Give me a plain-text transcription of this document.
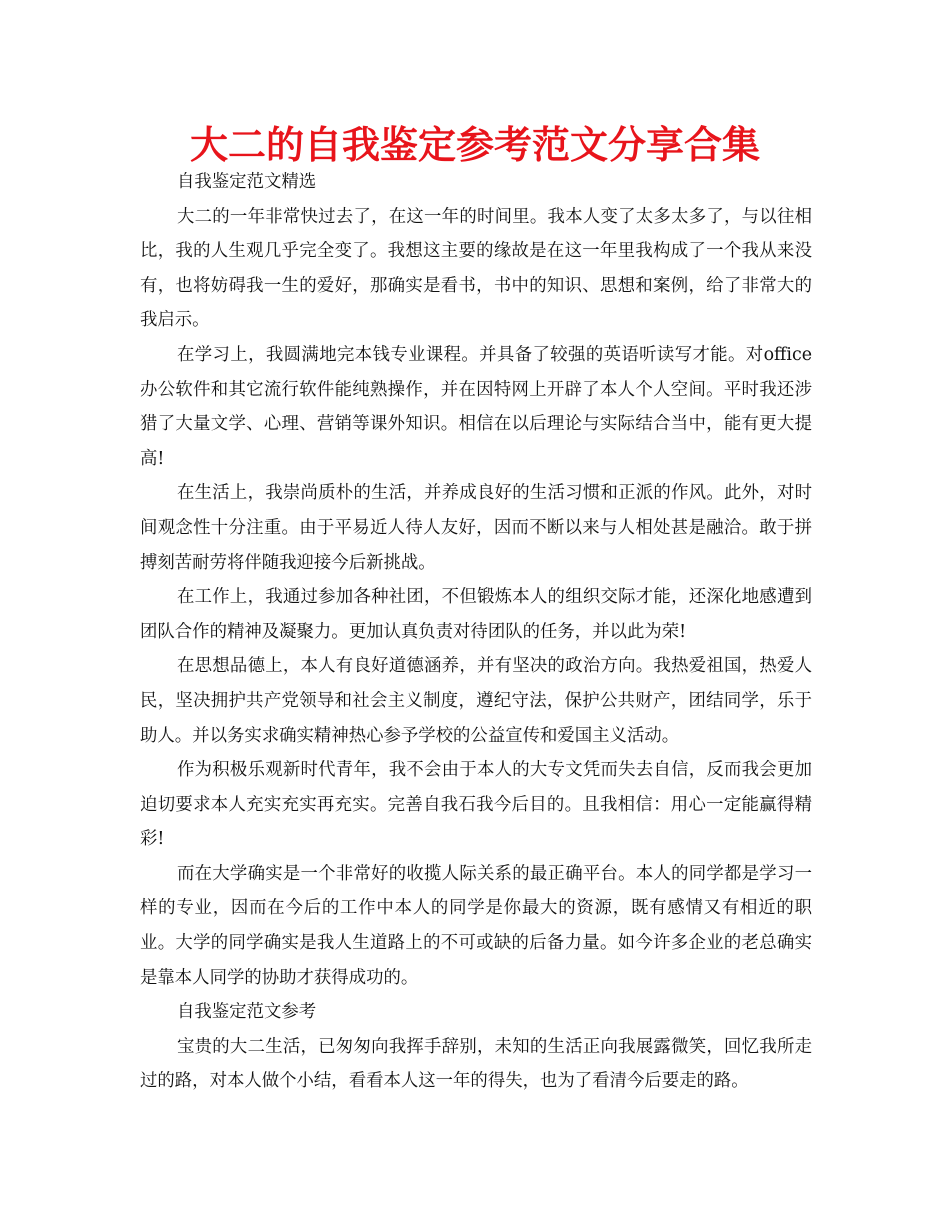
大二的自我鉴定参考范文分享合集

自我鉴定范文精选

大二的一年非常快过去了，在这一年的时间里。我本人变了太多太多了，与以往相比，我的人生观几乎完全变了。我想这主要的缘故是在这一年里我构成了一个我从来没有，也将妨碍我一生的爱好，那确实是看书，书中的知识、思想和案例，给了非常大的我启示。

在学习上，我圆满地完本钱专业课程。并具备了较强的英语听读写才能。对office办公软件和其它流行软件能纯熟操作，并在因特网上开辟了本人个人空间。平时我还涉猎了大量文学、心理、营销等课外知识。相信在以后理论与实际结合当中，能有更大提高!

在生活上，我崇尚质朴的生活，并养成良好的生活习惯和正派的作风。此外，对时间观念性十分注重。由于平易近人待人友好，因而不断以来与人相处甚是融洽。敢于拼搏刻苦耐劳将伴随我迎接今后新挑战。

在工作上，我通过参加各种社团，不但锻炼本人的组织交际才能，还深化地感遭到团队合作的精神及凝聚力。更加认真负责对待团队的任务，并以此为荣!

在思想品德上，本人有良好道德涵养，并有坚决的政治方向。我热爱祖国，热爱人民，坚决拥护共产党领导和社会主义制度，遵纪守法，保护公共财产，团结同学，乐于助人。并以务实求确实精神热心参予学校的公益宣传和爱国主义活动。

作为积极乐观新时代青年，我不会由于本人的大专文凭而失去自信，反而我会更加迫切要求本人充实充实再充实。完善自我石我今后目的。且我相信：用心一定能赢得精彩!

而在大学确实是一个非常好的收揽人际关系的最正确平台。本人的同学都是学习一样的专业，因而在今后的工作中本人的同学是你最大的资源，既有感情又有相近的职业。大学的同学确实是我人生道路上的不可或缺的后备力量。如今许多企业的老总确实是靠本人同学的协助才获得成功的。

自我鉴定范文参考

宝贵的大二生活，已匆匆向我挥手辞别，未知的生活正向我展露微笑，回忆我所走过的路，对本人做个小结，看看本人这一年的得失，也为了看清今后要走的路。
